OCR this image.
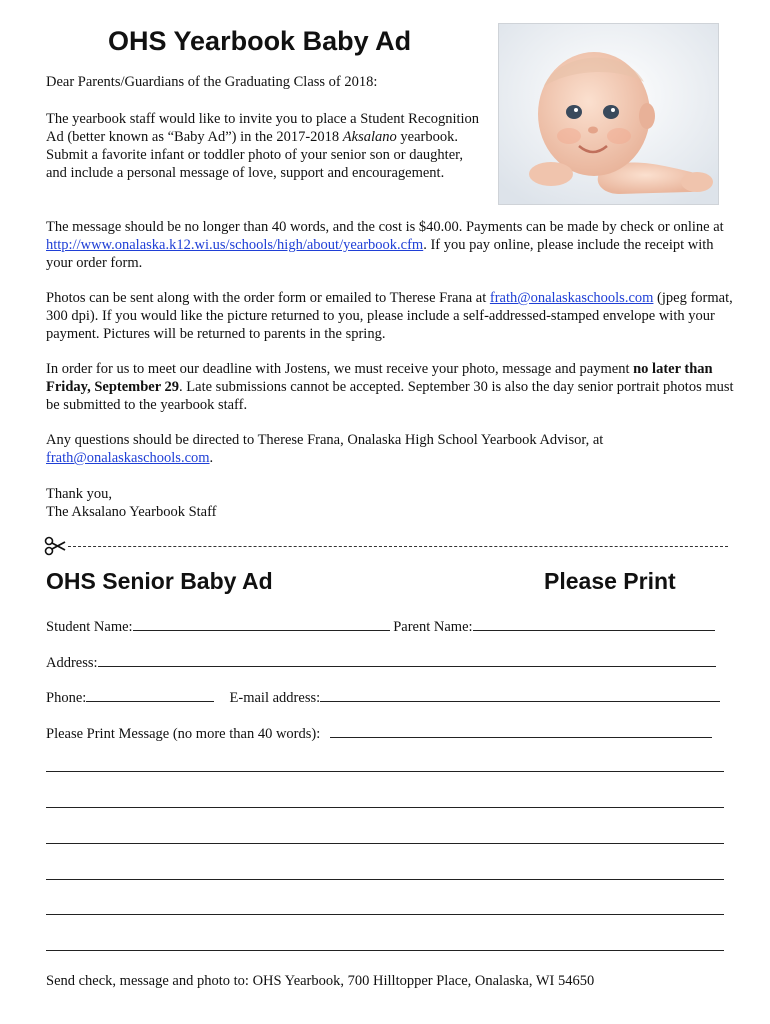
OHS Yearbook Baby Ad

Dear Parents/Guardians of the Graduating Class of 2018:

The yearbook staff would like to invite you to place a Student Recognition Ad (better known as “Baby Ad”) in the 2017-2018 Aksalano yearbook. Submit a favorite infant or toddler photo of your senior son or daughter, and include a personal message of love, support and encouragement.

The message should be no longer than 40 words, and the cost is $40.00. Payments can be made by check or online at http://www.onalaska.k12.wi.us/schools/high/about/yearbook.cfm. If you pay online, please include the receipt with your order form.

Photos can be sent along with the order form or emailed to Therese Frana at frath@onalaskaschools.com (jpeg format, 300 dpi). If you would like the picture returned to you, please include a self-addressed-stamped envelope with your payment. Pictures will be returned to parents in the spring.

In order for us to meet our deadline with Jostens, we must receive your photo, message and payment no later than Friday, September 29. Late submissions cannot be accepted. September 30 is also the day senior portrait photos must be submitted to the yearbook staff.

Any questions should be directed to Therese Frana, Onalaska High School Yearbook Advisor, at frath@onalaskaschools.com.

Thank you,

The Aksalano Yearbook Staff

OHS Senior Baby Ad	Please Print
Student Name:	Parent Name:
Address:
Phone:	E-mail address:
Please Print Message (no more than 40 words):
Send check, message and photo to: OHS Yearbook, 700 Hilltopper Place, Onalaska, WI 54650
